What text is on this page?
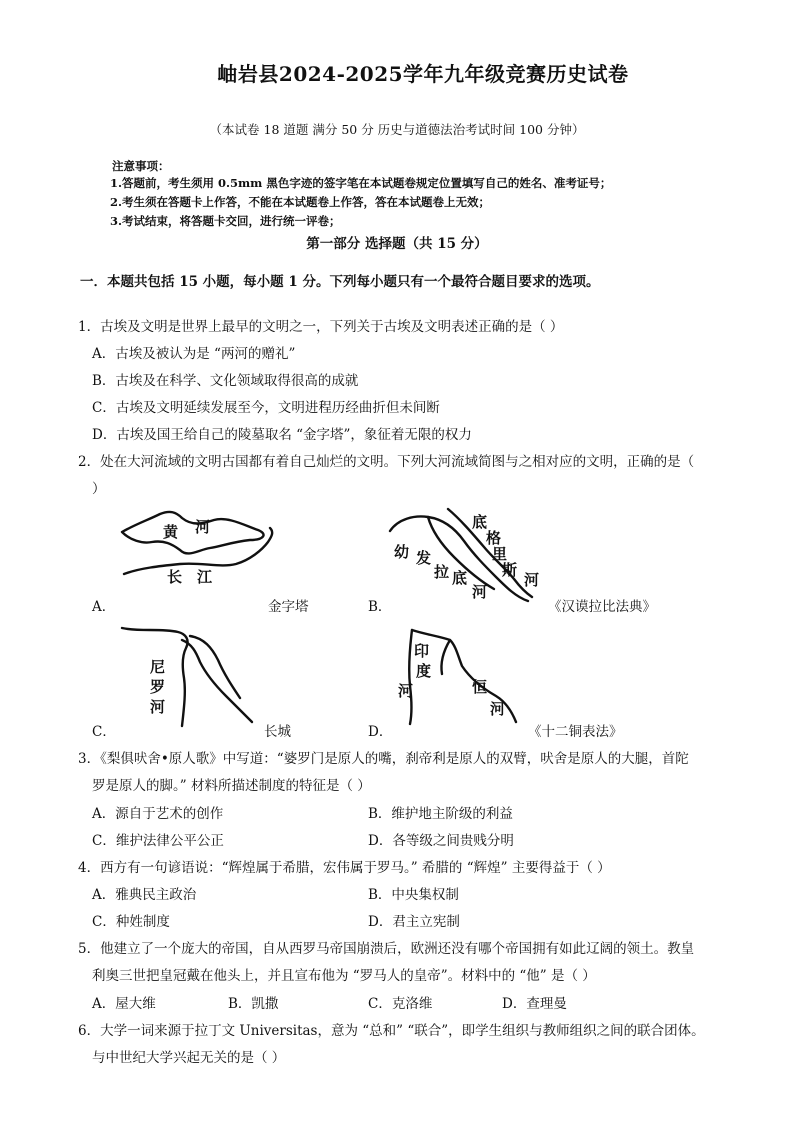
岫岩县2024-2025学年九年级竞赛历史试卷
（本试卷 18 道题 满分 50 分 历史与道德法治考试时间 100 分钟）
注意事项：
1.答题前，考生须用 0.5mm 黑色字迹的签字笔在本试题卷规定位置填写自己的姓名、准考证号；
2.考生须在答题卡上作答，不能在本试题卷上作答，答在本试题卷上无效；
3.考试结束，将答题卡交回，进行统一评卷；
第一部分 选择题（共 15 分）
一．本题共包括 15 小题，每小题 1 分。下列每小题只有一个最符合题目要求的选项。
1．古埃及文明是世界上最早的文明之一，下列关于古埃及文明表述正确的是（ ）
A．古埃及被认为是 “两河的赠礼”
B．古埃及在科学、文化领域取得很高的成就
C．古埃及文明延续发展至今，文明进程历经曲折但未间断
D．古埃及国王给自己的陵墓取名 “金字塔”，象征着无限的权力
2．处在大河流域的文明古国都有着自己灿烂的文明。下列大河流域简图与之相对应的文明，正确的是（
）
黄 河
长 江
A．	金字塔
底
格
里
斯
河
幼 发
拉 底
河
B．	《汉谟拉比法典》
尼
罗
河
C．	长城
印
度
河	恒
河
D．	《十二铜表法》
3．《梨俱吠舍•原人歌》中写道：“婆罗门是原人的嘴，刹帝利是原人的双臂，吠舍是原人的大腿，首陀
罗是原人的脚。” 材料所描述制度的特征是（ ）
A．源自于艺术的创作	B．维护地主阶级的利益
C．维护法律公平公正	D．各等级之间贵贱分明
4．西方有一句谚语说：“辉煌属于希腊，宏伟属于罗马。” 希腊的 “辉煌” 主要得益于（ ）
A．雅典民主政治	B．中央集权制
C．种姓制度	D．君主立宪制
5．他建立了一个庞大的帝国，自从西罗马帝国崩溃后，欧洲还没有哪个帝国拥有如此辽阔的领土。教皇
利奥三世把皇冠戴在他头上，并且宣布他为 “罗马人的皇帝”。材料中的 “他” 是（ ）
A．屋大维	B．凯撒	C．克洛维	D．查理曼
6．大学一词来源于拉丁文 Universitas，意为 “总和” “联合”，即学生组织与教师组织之间的联合团体。
与中世纪大学兴起无关的是（ ）
